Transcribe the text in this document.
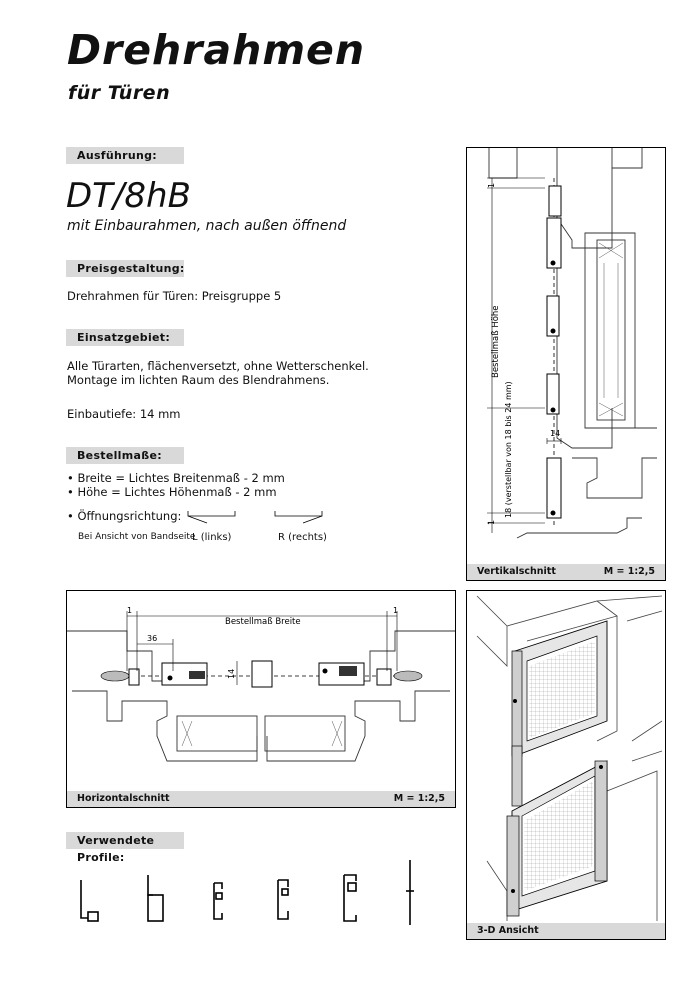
Drehrahmen
für Türen
Ausführung:
DT/8hB
mit Einbaurahmen, nach außen öffnend
Preisgestaltung:
Drehrahmen für Türen: Preisgruppe 5
Einsatzgebiet:
Alle Türarten, flächenversetzt, ohne Wetterschenkel.
Montage im lichten Raum des Blendrahmens.
Einbautiefe: 14 mm
Bestellmaße:
• Breite = Lichtes Breitenmaß - 2 mm
• Höhe = Lichtes Höhenmaß - 2 mm
• Öffnungsrichtung:
Bei Ansicht von Bandseite
L (links)	R (rechts)
1
Bestellmaß Höhe
18 (verstellbar von 18 bis 24 mm)	14
1
Vertikalschnitt	M = 1:2,5
1
Bestellmaß Breite
1
36
14
Horizontalschnitt	M = 1:2,5
3-D Ansicht
Verwendete Profile:
